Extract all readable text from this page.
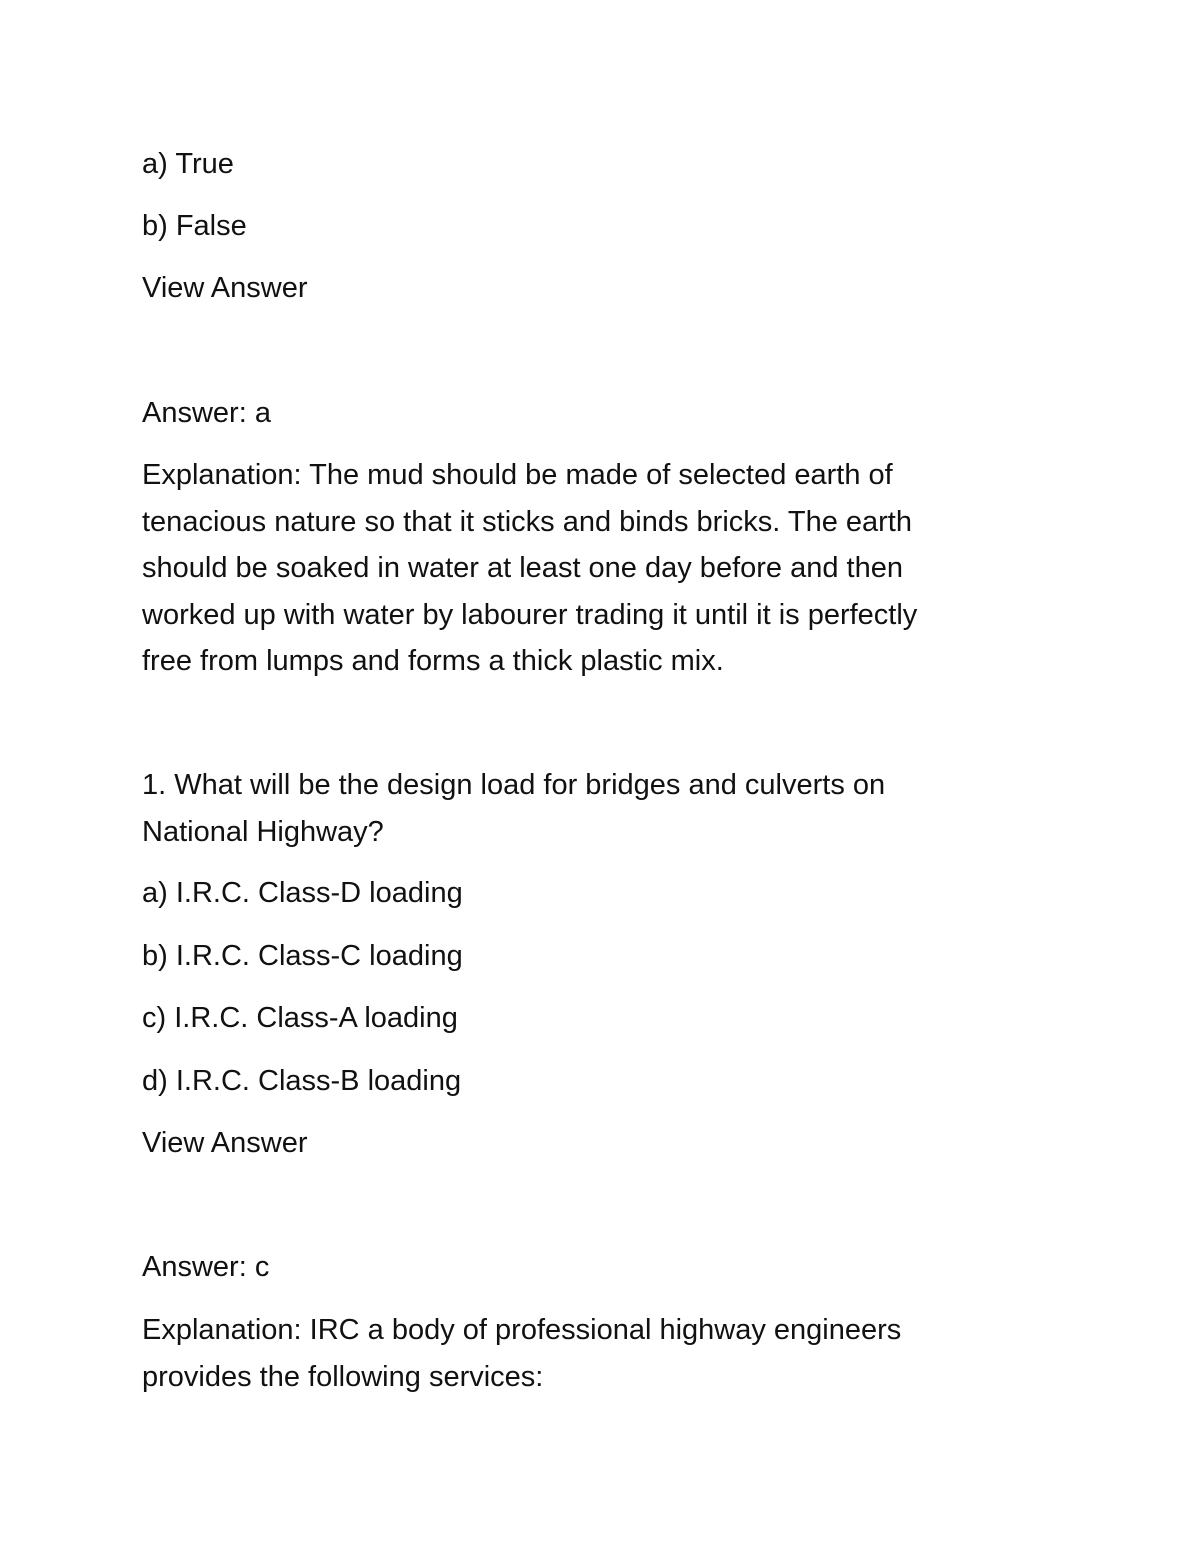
a) True

b) False

View Answer

Answer: a

Explanation: The mud should be made of selected earth of
tenacious nature so that it sticks and binds bricks. The earth
should be soaked in water at least one day before and then
worked up with water by labourer trading it until it is perfectly
free from lumps and forms a thick plastic mix.
1. What will be the design load for bridges and culverts on
National Highway?

a) I.R.C. Class-D loading

b) I.R.C. Class-C loading

c) I.R.C. Class-A loading

d) I.R.C. Class-B loading

View Answer

Answer: c

Explanation: IRC a body of professional highway engineers
provides the following services:
